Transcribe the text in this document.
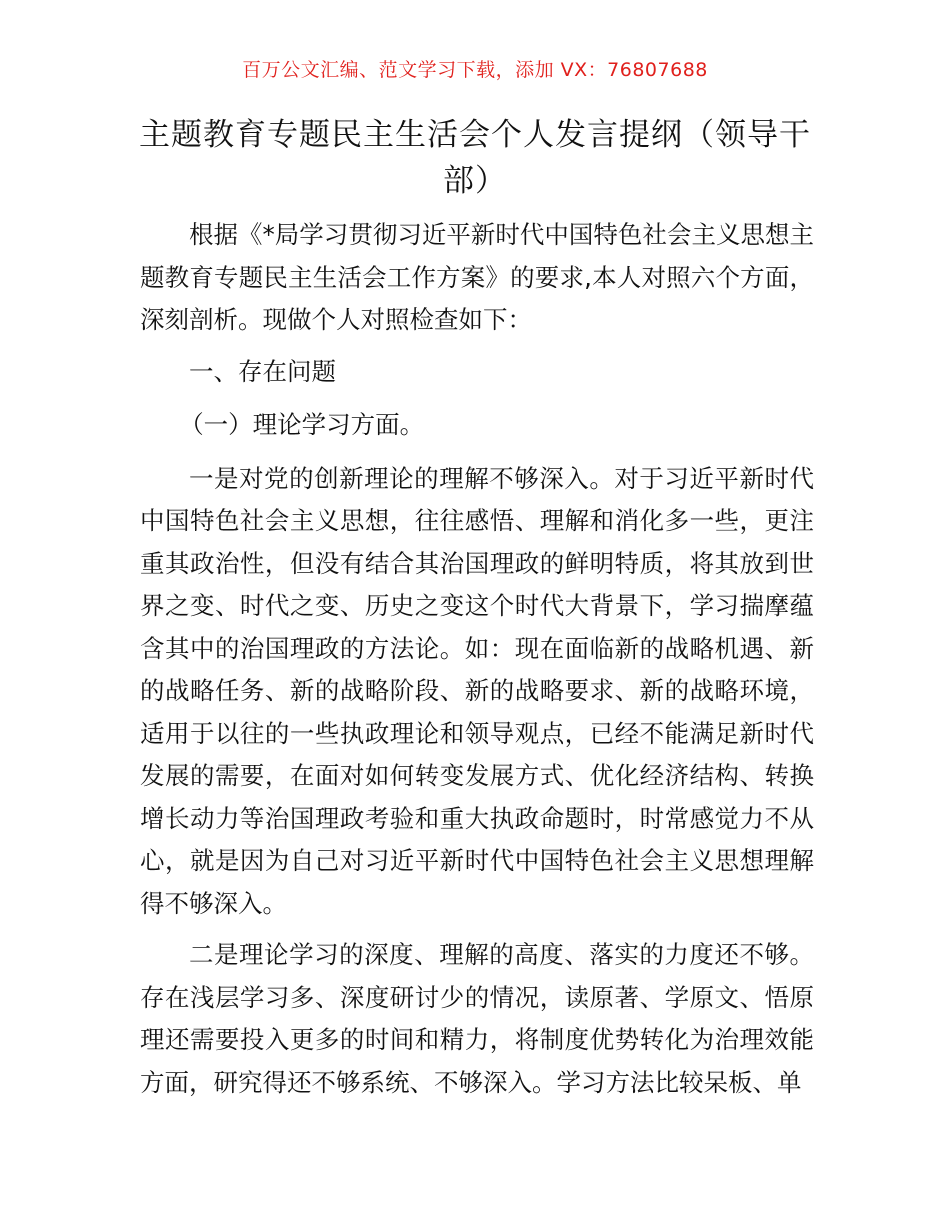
百万公文汇编、范文学习下载，添加 VX：76807688
主题教育专题民主生活会个人发言提纲（领导干部）

根据《*局学习贯彻习近平新时代中国特色社会主义思想主题教育专题民主生活会工作方案》的要求,本人对照六个方面，深刻剖析。现做个人对照检查如下：

一、存在问题

（一）理论学习方面。

一是对党的创新理论的理解不够深入。对于习近平新时代中国特色社会主义思想，往往感悟、理解和消化多一些，更注重其政治性，但没有结合其治国理政的鲜明特质，将其放到世界之变、时代之变、历史之变这个时代大背景下，学习揣摩蕴含其中的治国理政的方法论。如：现在面临新的战略机遇、新的战略任务、新的战略阶段、新的战略要求、新的战略环境，适用于以往的一些执政理论和领导观点，已经不能满足新时代发展的需要，在面对如何转变发展方式、优化经济结构、转换增长动力等治国理政考验和重大执政命题时，时常感觉力不从心，就是因为自己对习近平新时代中国特色社会主义思想理解得不够深入。

二是理论学习的深度、理解的高度、落实的力度还不够。存在浅层学习多、深度研讨少的情况，读原著、学原文、悟原理还需要投入更多的时间和精力，将制度优势转化为治理效能方面，研究得还不够系统、不够深入。学习方法比较呆板、单
